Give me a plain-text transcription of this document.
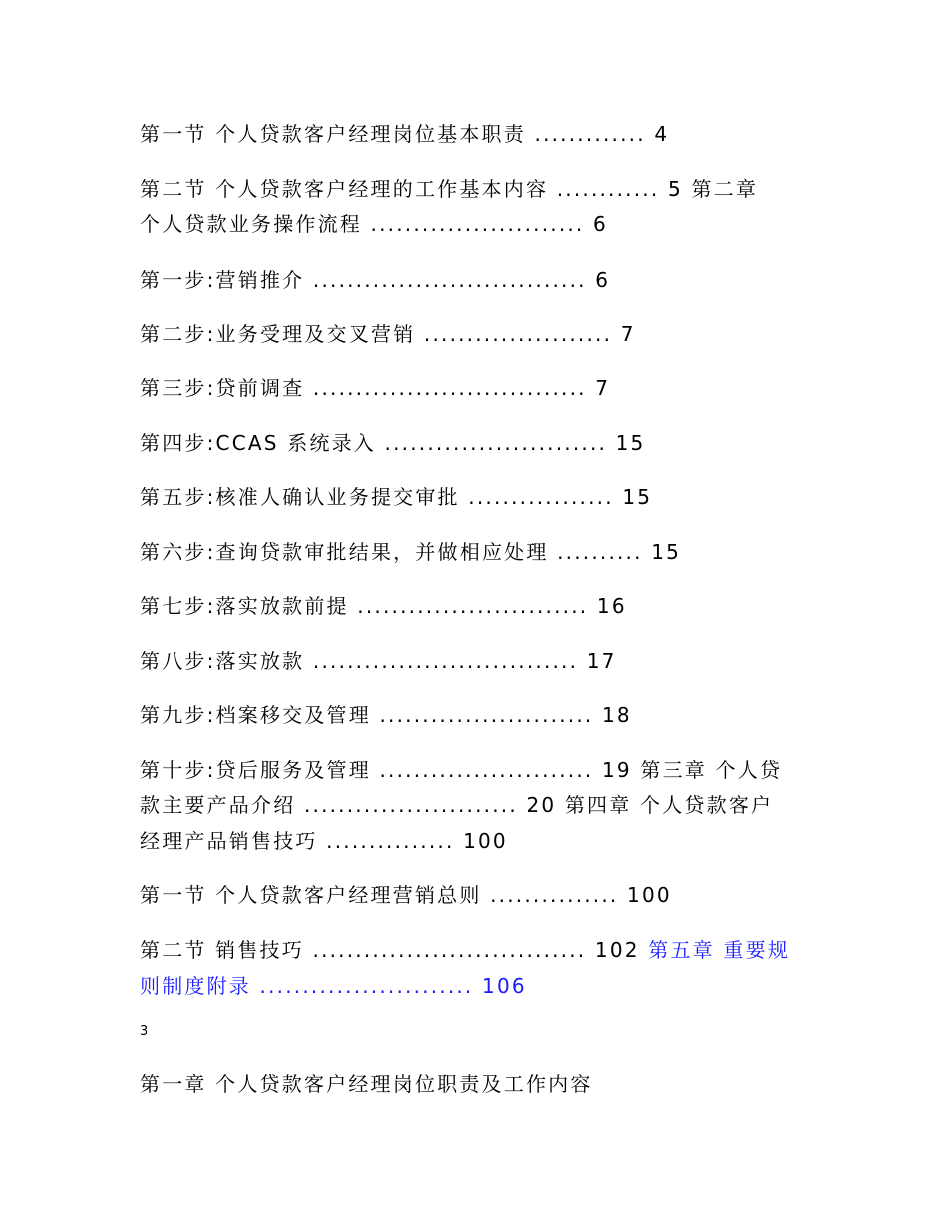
第一节 个人贷款客户经理岗位基本职责 ............. 4

第二节 个人贷款客户经理的工作基本内容 ............ 5 第二章

个人贷款业务操作流程 ......................... 6

第一步:营销推介 ................................ 6

第二步:业务受理及交叉营销 ...................... 7

第三步:贷前调查 ................................ 7

第四步:CCAS 系统录入 .......................... 15

第五步:核准人确认业务提交审批 ................. 15

第六步:查询贷款审批结果，并做相应处理 .......... 15

第七步:落实放款前提 ........................... 16

第八步:落实放款 ............................... 17

第九步:档案移交及管理 ......................... 18

第十步:贷后服务及管理 ......................... 19 第三章 个人贷

款主要产品介绍 ......................... 20 第四章 个人贷款客户

经理产品销售技巧 ............... 100

第一节 个人贷款客户经理营销总则 ............... 100

第二节 销售技巧 ................................ 102 第五章 重要规

则制度附录 ......................... 106

3

第一章 个人贷款客户经理岗位职责及工作内容
